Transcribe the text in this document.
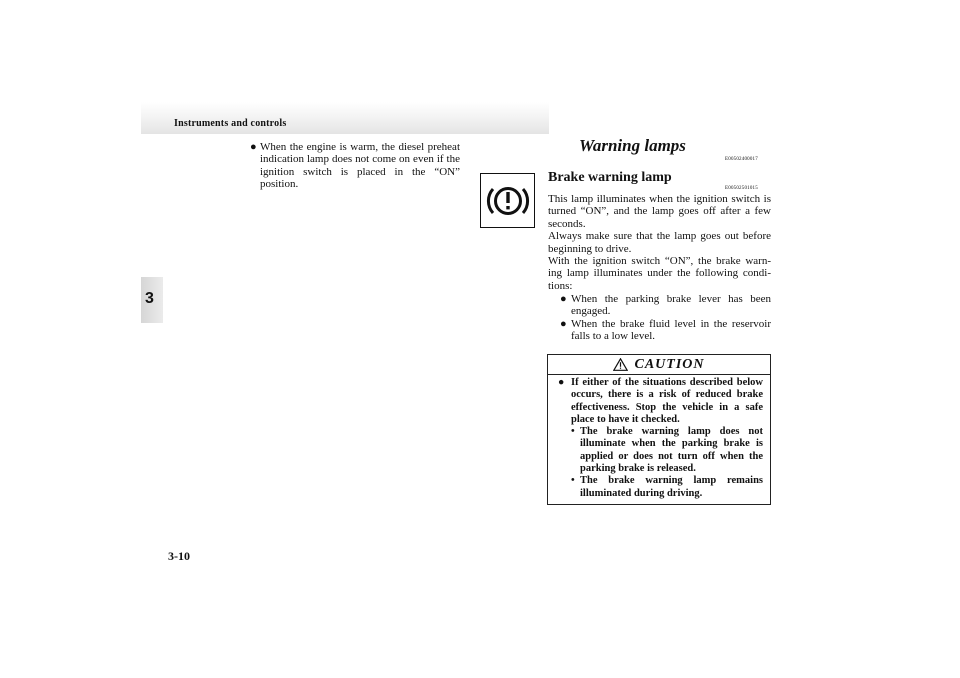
Instruments and controls
3
● When the engine is warm, the diesel preheat indication lamp does not come on even if the ignition switch is placed in the “ON” position.
Warning lamps
E00502400017
Brake warning lamp
E00502501015
This lamp illuminates when the ignition switch is turned “ON”, and the lamp goes off after a few seconds.
Always make sure that the lamp goes out before beginning to drive.
With the ignition switch “ON”, the brake warn-ing lamp illuminates under the following condi-tions:
● When the parking brake lever has been engaged.
● When the brake fluid level in the reservoir falls to a low level.
CAUTION
● If either of the situations described below occurs, there is a risk of reduced brake effectiveness. Stop the vehicle in a safe place to have it checked.
• The brake warning lamp does not illuminate when the parking brake is applied or does not turn off when the parking brake is released.
• The brake warning lamp remains illuminated during driving.
3-10
